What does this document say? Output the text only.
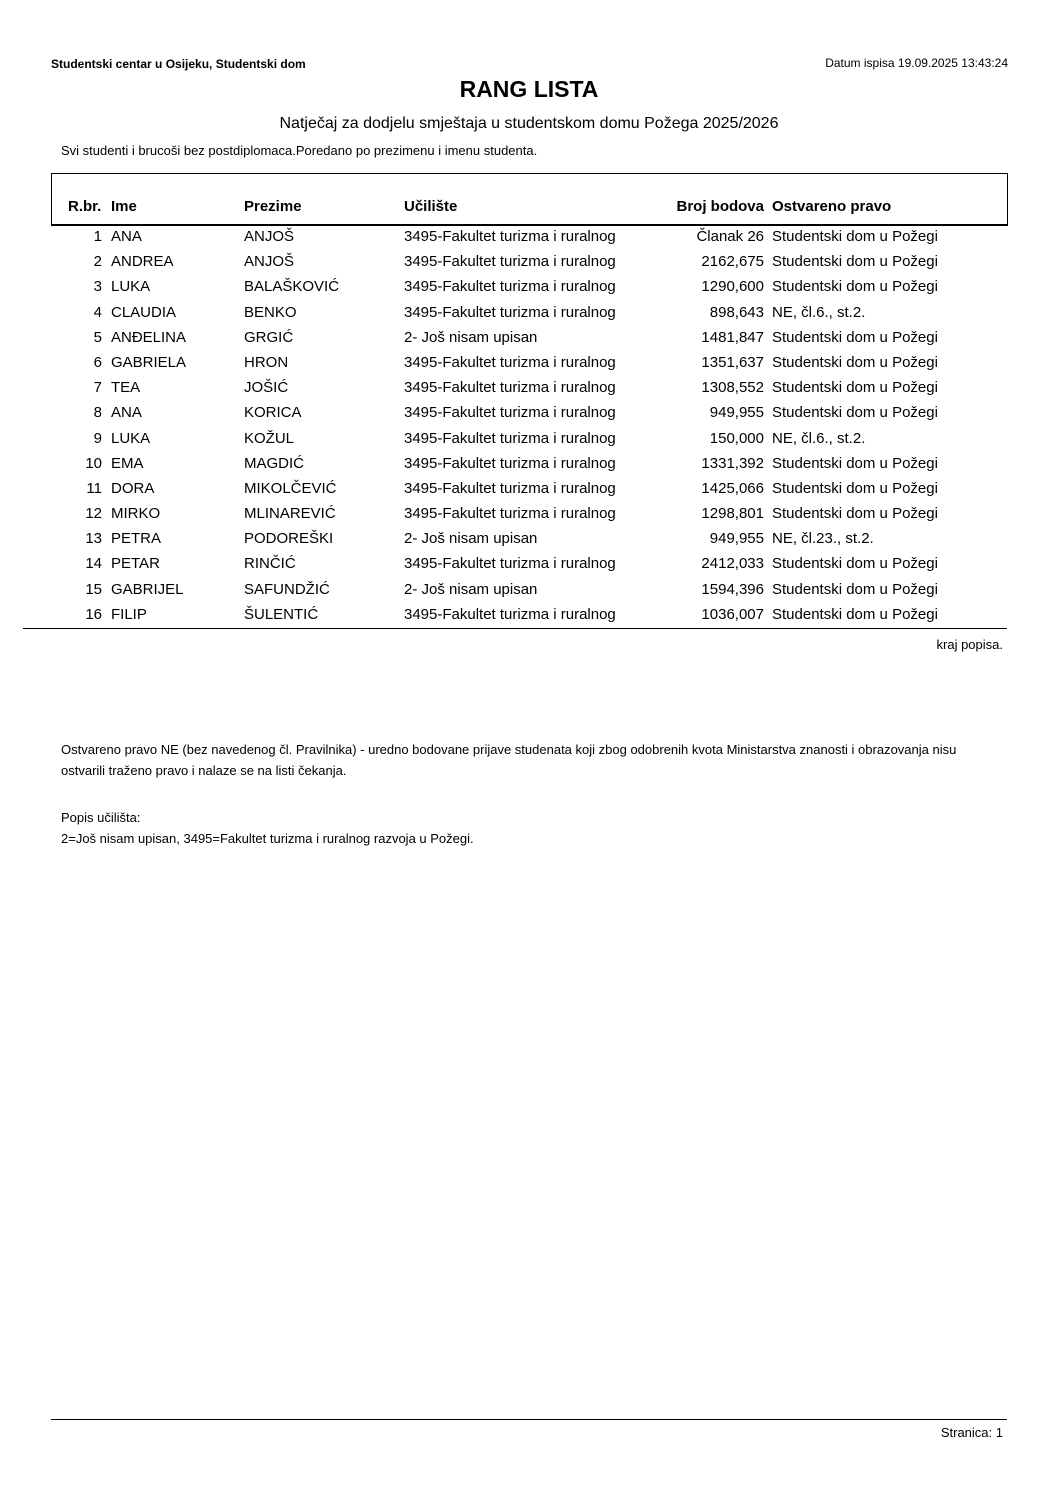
Studentski centar u Osijeku, Studentski dom	Datum ispisa 19.09.2025 13:43:24
RANG LISTA
Natječaj za dodjelu smještaja u studentskom domu Požega 2025/2026
Svi studenti i brucoši bez postdiplomaca.Poredano po prezimenu i imenu studenta.
R.br. Ime	Prezime	Učilište	Broj bodova Ostvareno pravo
1 ANA	ANJOŠ	3495-Fakultet turizma i ruralnog	Članak 26 Studentski dom u Požegi
2 ANDREA	ANJOŠ	3495-Fakultet turizma i ruralnog	2162,675 Studentski dom u Požegi
3 LUKA	BALAŠKOVIĆ	3495-Fakultet turizma i ruralnog	1290,600 Studentski dom u Požegi
4 CLAUDIA	BENKO	3495-Fakultet turizma i ruralnog	898,643 NE, čl.6., st.2.
5 ANĐELINA	GRGIĆ	2- Još nisam upisan	1481,847 Studentski dom u Požegi
6 GABRIELA	HRON	3495-Fakultet turizma i ruralnog	1351,637 Studentski dom u Požegi
7 TEA	JOŠIĆ	3495-Fakultet turizma i ruralnog	1308,552 Studentski dom u Požegi
8 ANA	KORICA	3495-Fakultet turizma i ruralnog	949,955 Studentski dom u Požegi
9 LUKA	KOŽUL	3495-Fakultet turizma i ruralnog	150,000 NE, čl.6., st.2.
10 EMA	MAGDIĆ	3495-Fakultet turizma i ruralnog	1331,392 Studentski dom u Požegi
11 DORA	MIKOLČEVIĆ	3495-Fakultet turizma i ruralnog	1425,066 Studentski dom u Požegi
12 MIRKO	MLINAREVIĆ	3495-Fakultet turizma i ruralnog	1298,801 Studentski dom u Požegi
13 PETRA	PODOREŠKI	2- Još nisam upisan	949,955 NE, čl.23., st.2.
14 PETAR	RINČIĆ	3495-Fakultet turizma i ruralnog	2412,033 Studentski dom u Požegi
15 GABRIJEL	SAFUNDŽIĆ	2- Još nisam upisan	1594,396 Studentski dom u Požegi
16 FILIP	ŠULENTIĆ	3495-Fakultet turizma i ruralnog	1036,007 Studentski dom u Požegi
kraj popisa.
Ostvareno pravo NE (bez navedenog čl. Pravilnika) - uredno bodovane prijave studenata koji zbog odobrenih kvota Ministarstva znanosti i obrazovanja nisu ostvarili traženo pravo i nalaze se na listi čekanja.
Popis učilišta:
2=Još nisam upisan, 3495=Fakultet turizma i ruralnog razvoja u Požegi.
Stranica: 1
